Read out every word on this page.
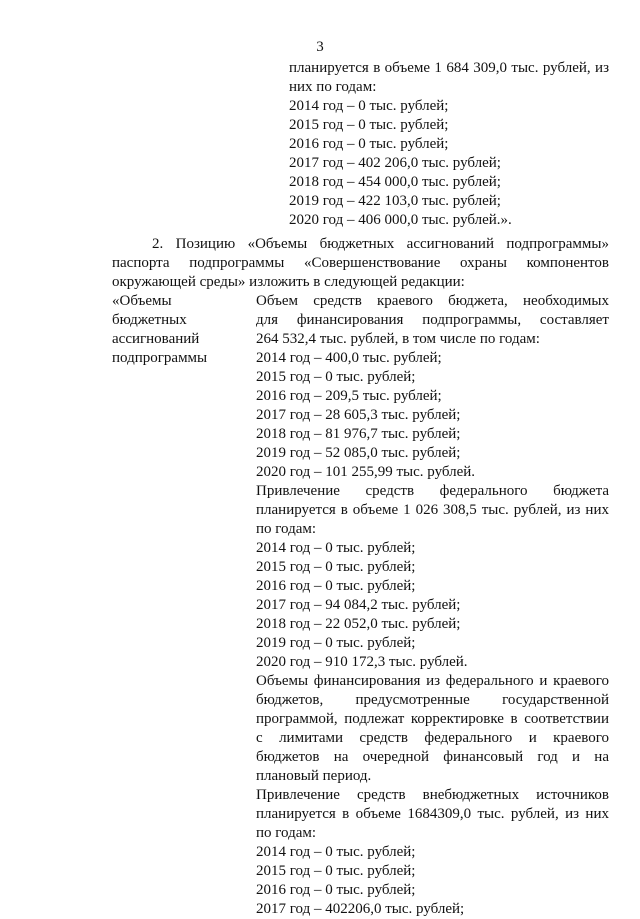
3
планируется в объеме 1 684 309,0 тыс. рублей, из
них по годам:
2014 год – 0 тыс. рублей;
2015 год – 0 тыс. рублей;
2016 год – 0 тыс. рублей;
2017 год – 402 206,0 тыс. рублей;
2018 год – 454 000,0 тыс. рублей;
2019 год – 422 103,0 тыс. рублей;
2020 год – 406 000,0 тыс. рублей.».
2. Позицию «Объемы бюджетных ассигнований подпрограммы»
паспорта подпрограммы «Совершенствование охраны компонентов
окружающей среды» изложить в следующей редакции:
«Объемы
бюджетных
ассигнований
подпрограммы
Объем средств краевого бюджета, необходимых
для финансирования подпрограммы, составляет
264 532,4 тыс. рублей, в том числе по годам:
2014 год – 400,0 тыс. рублей;
2015 год – 0 тыс. рублей;
2016 год – 209,5 тыс. рублей;
2017 год – 28 605,3 тыс. рублей;
2018 год – 81 976,7 тыс. рублей;
2019 год – 52 085,0 тыс. рублей;
2020 год – 101 255,99 тыс. рублей.
Привлечение средств федерального бюджета
планируется в объеме 1 026 308,5 тыс. рублей, из них
по годам:
2014 год – 0 тыс. рублей;
2015 год – 0 тыс. рублей;
2016 год – 0 тыс. рублей;
2017 год – 94 084,2 тыс. рублей;
2018 год – 22 052,0 тыс. рублей;
2019 год – 0 тыс. рублей;
2020 год – 910 172,3 тыс. рублей.
Объемы финансирования из федерального и краевого
бюджетов, предусмотренные государственной
программой, подлежат корректировке в соответствии
с лимитами средств федерального и краевого
бюджетов на очередной финансовый год и на
плановый период.
Привлечение средств внебюджетных источников
планируется в объеме 1684309,0 тыс. рублей, из них
по годам:
2014 год – 0 тыс. рублей;
2015 год – 0 тыс. рублей;
2016 год – 0 тыс. рублей;
2017 год – 402206,0 тыс. рублей;
